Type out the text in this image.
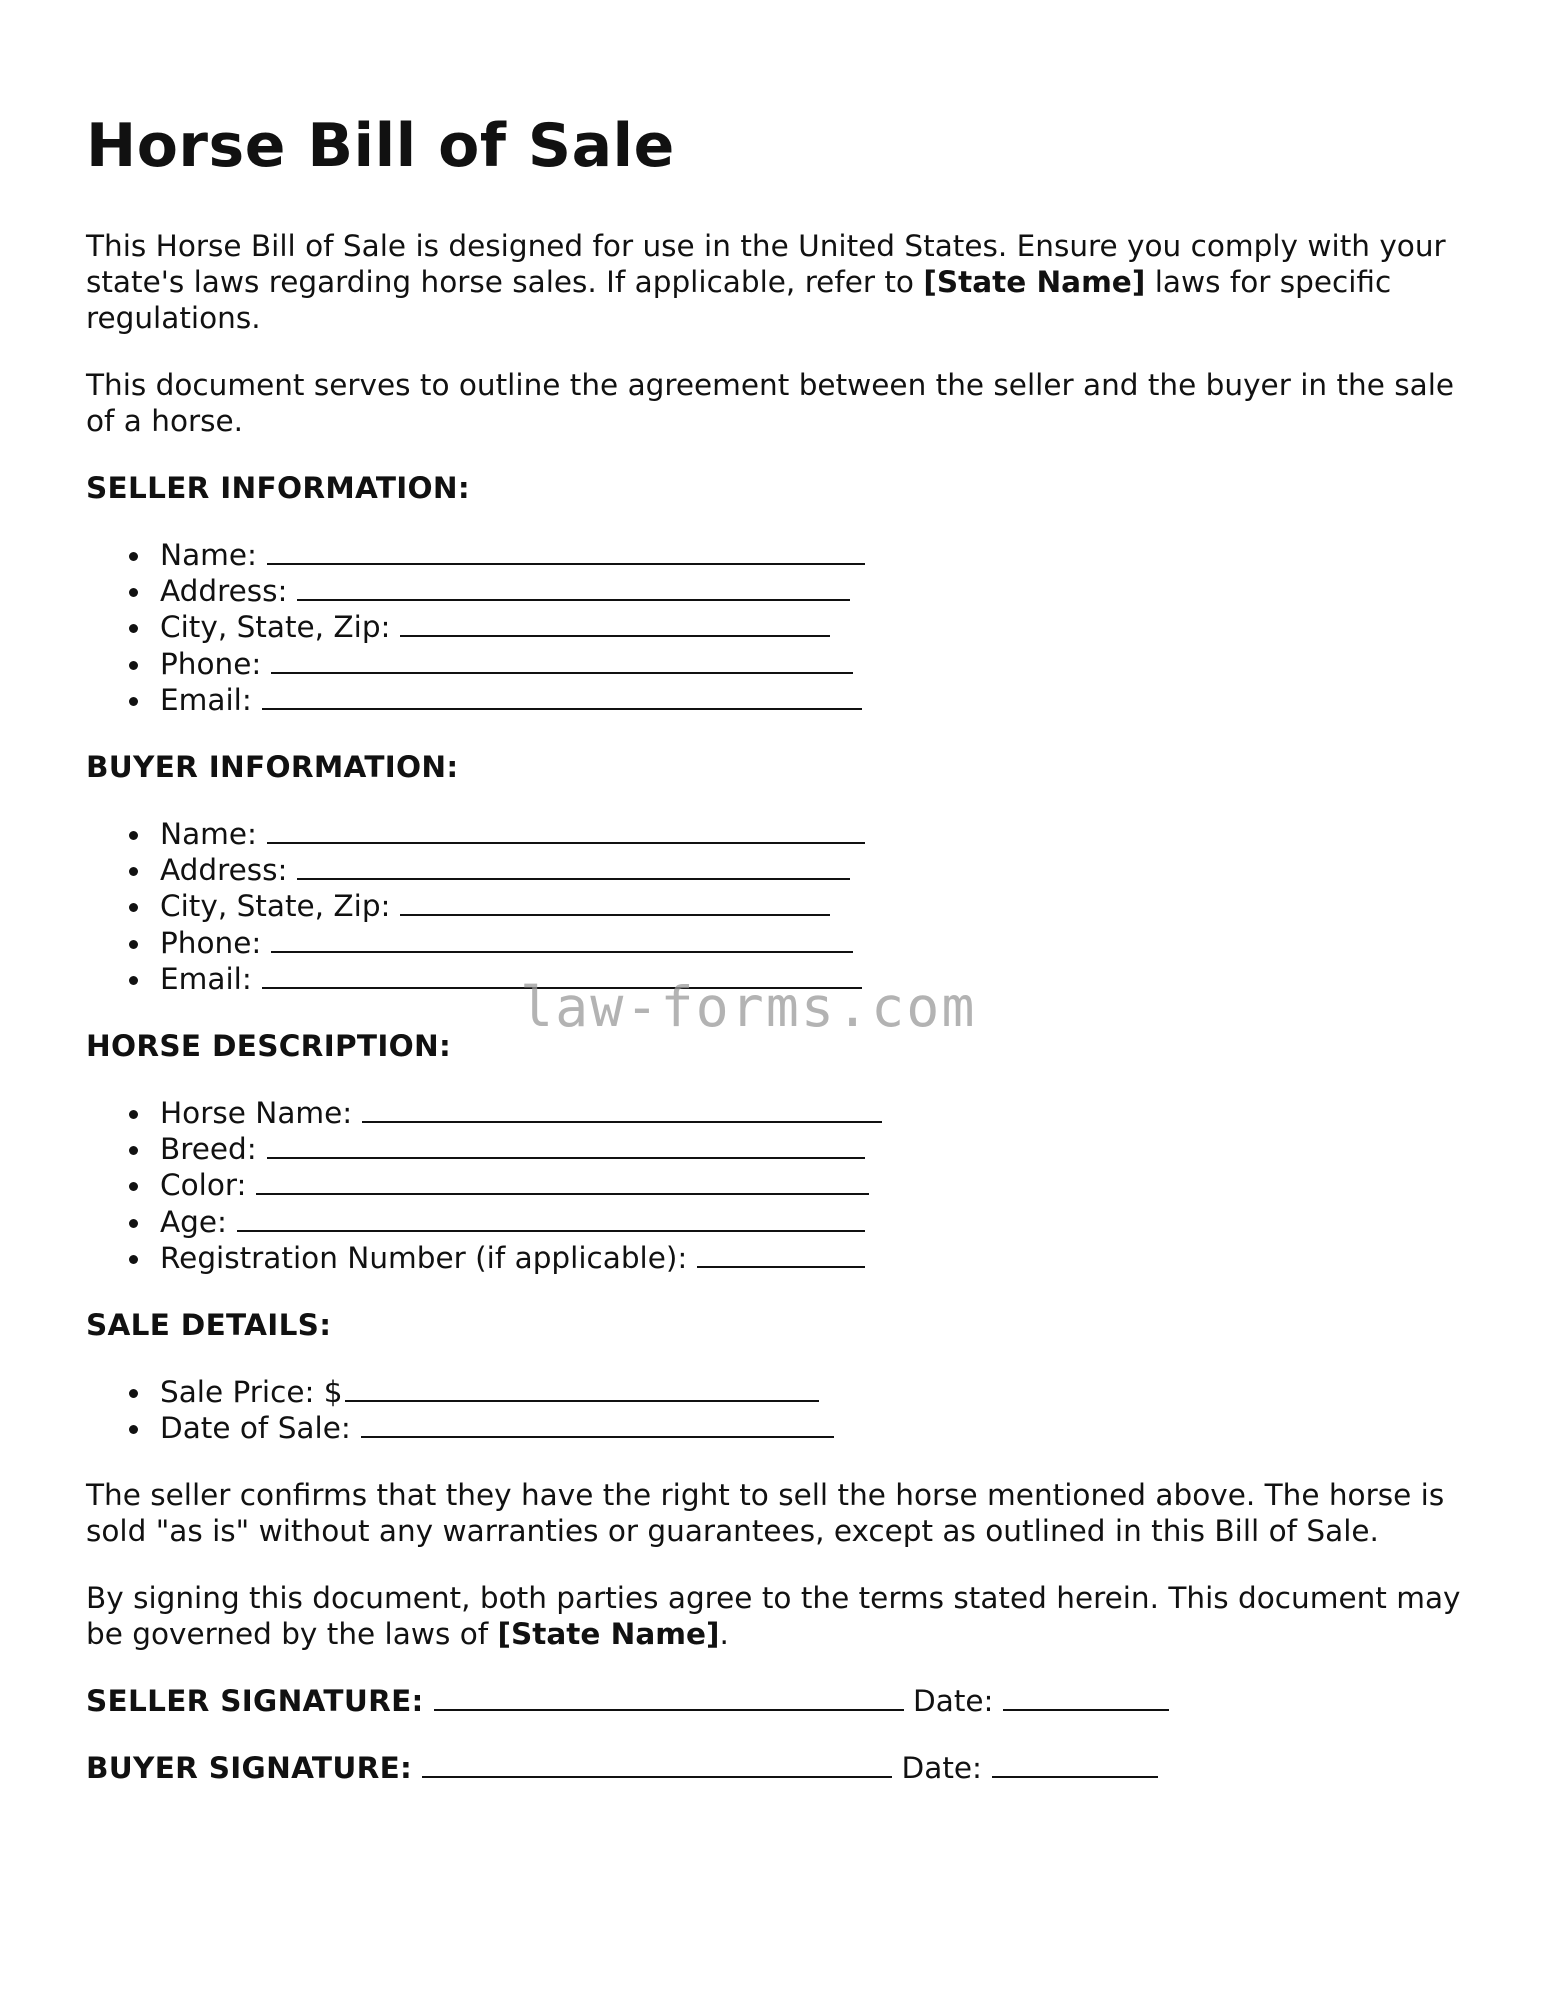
Horse Bill of Sale

This Horse Bill of Sale is designed for use in the United States. Ensure you comply with your state's laws regarding horse sales. If applicable, refer to [State Name] laws for specific regulations.

This document serves to outline the agreement between the seller and the buyer in the sale of a horse.

SELLER INFORMATION:
Name:
Address:
City, State, Zip:
Phone:
Email:
BUYER INFORMATION:
Name:
Address:
City, State, Zip:
Phone:
Email:
HORSE DESCRIPTION:
Horse Name:
Breed:
Color:
Age:
Registration Number (if applicable):
SALE DETAILS:
Sale Price: $
Date of Sale:

The seller confirms that they have the right to sell the horse mentioned above. The horse is sold "as is" without any warranties or guarantees, except as outlined in this Bill of Sale.

By signing this document, both parties agree to the terms stated herein. This document may be governed by the laws of [State Name].

SELLER SIGNATURE:	Date:
BUYER SIGNATURE:	Date:
law-forms.com
